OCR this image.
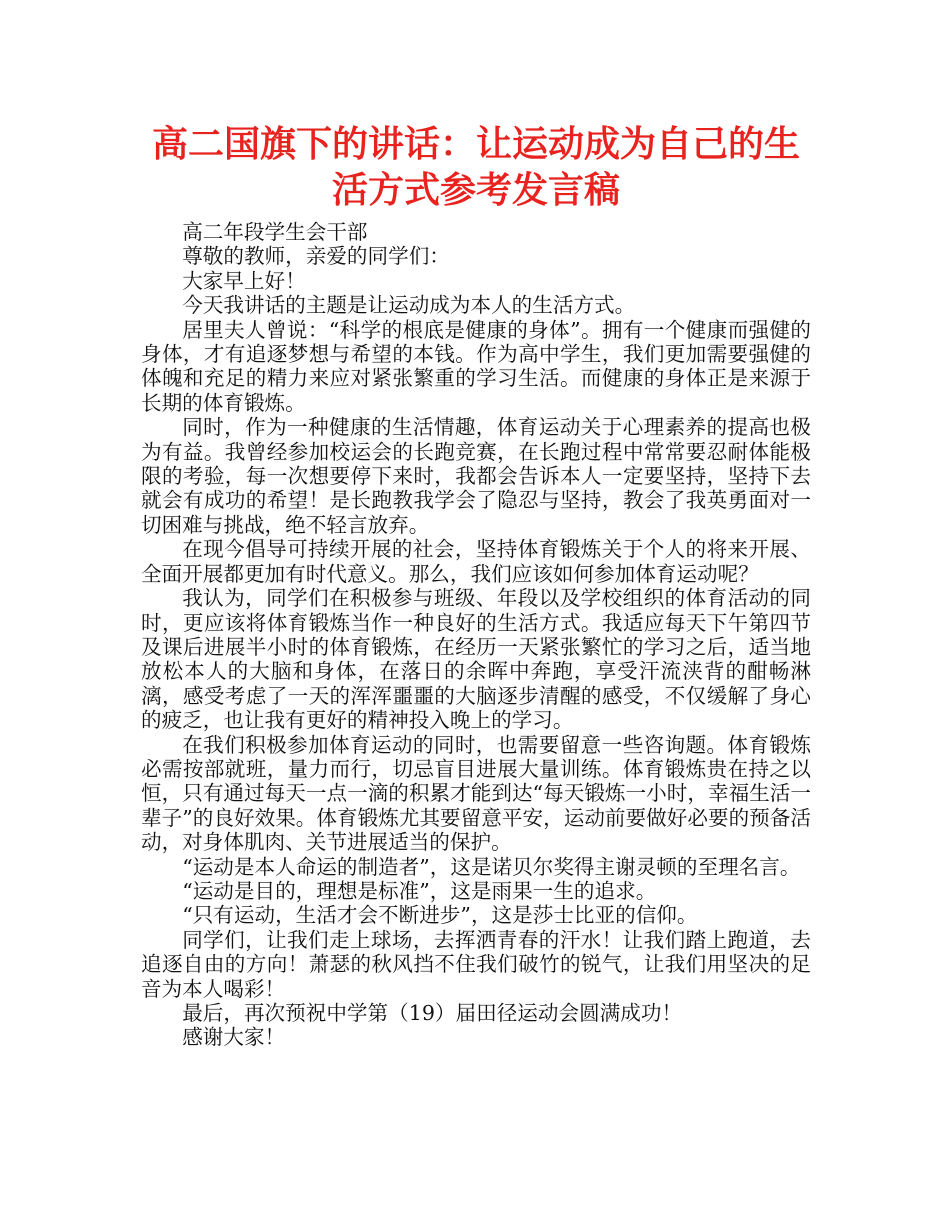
高二国旗下的讲话：让运动成为自己的生活方式参考发言稿

高二年段学生会干部

尊敬的教师，亲爱的同学们：

大家早上好！

今天我讲话的主题是让运动成为本人的生活方式。

居里夫人曾说：“科学的根底是健康的身体”。拥有一个健康而强健的身体，才有追逐梦想与希望的本钱。作为高中学生，我们更加需要强健的体魄和充足的精力来应对紧张繁重的学习生活。而健康的身体正是来源于长期的体育锻炼。

同时，作为一种健康的生活情趣，体育运动关于心理素养的提高也极为有益。我曾经参加校运会的长跑竞赛，在长跑过程中常常要忍耐体能极限的考验，每一次想要停下来时，我都会告诉本人一定要坚持，坚持下去就会有成功的希望！是长跑教我学会了隐忍与坚持，教会了我英勇面对一切困难与挑战，绝不轻言放弃。

在现今倡导可持续开展的社会，坚持体育锻炼关于个人的将来开展、全面开展都更加有时代意义。那么，我们应该如何参加体育运动呢？

我认为，同学们在积极参与班级、年段以及学校组织的体育活动的同时，更应该将体育锻炼当作一种良好的生活方式。我适应每天下午第四节及课后进展半小时的体育锻炼，在经历一天紧张繁忙的学习之后，适当地放松本人的大脑和身体，在落日的余晖中奔跑，享受汗流浃背的酣畅淋漓，感受考虑了一天的浑浑噩噩的大脑逐步清醒的感受，不仅缓解了身心的疲乏，也让我有更好的精神投入晚上的学习。

在我们积极参加体育运动的同时，也需要留意一些咨询题。体育锻炼必需按部就班，量力而行，切忌盲目进展大量训练。体育锻炼贵在持之以恒，只有通过每天一点一滴的积累才能到达“每天锻炼一小时，幸福生活一辈子”的良好效果。体育锻炼尤其要留意平安，运动前要做好必要的预备活动，对身体肌肉、关节进展适当的保护。

“运动是本人命运的制造者”，这是诺贝尔奖得主谢灵顿的至理名言。

“运动是目的，理想是标准”，这是雨果一生的追求。

“只有运动，生活才会不断进步”，这是莎士比亚的信仰。

同学们，让我们走上球场，去挥洒青春的汗水！让我们踏上跑道，去追逐自由的方向！萧瑟的秋风挡不住我们破竹的锐气，让我们用坚决的足音为本人喝彩！

最后，再次预祝中学第（19）届田径运动会圆满成功！

感谢大家！
